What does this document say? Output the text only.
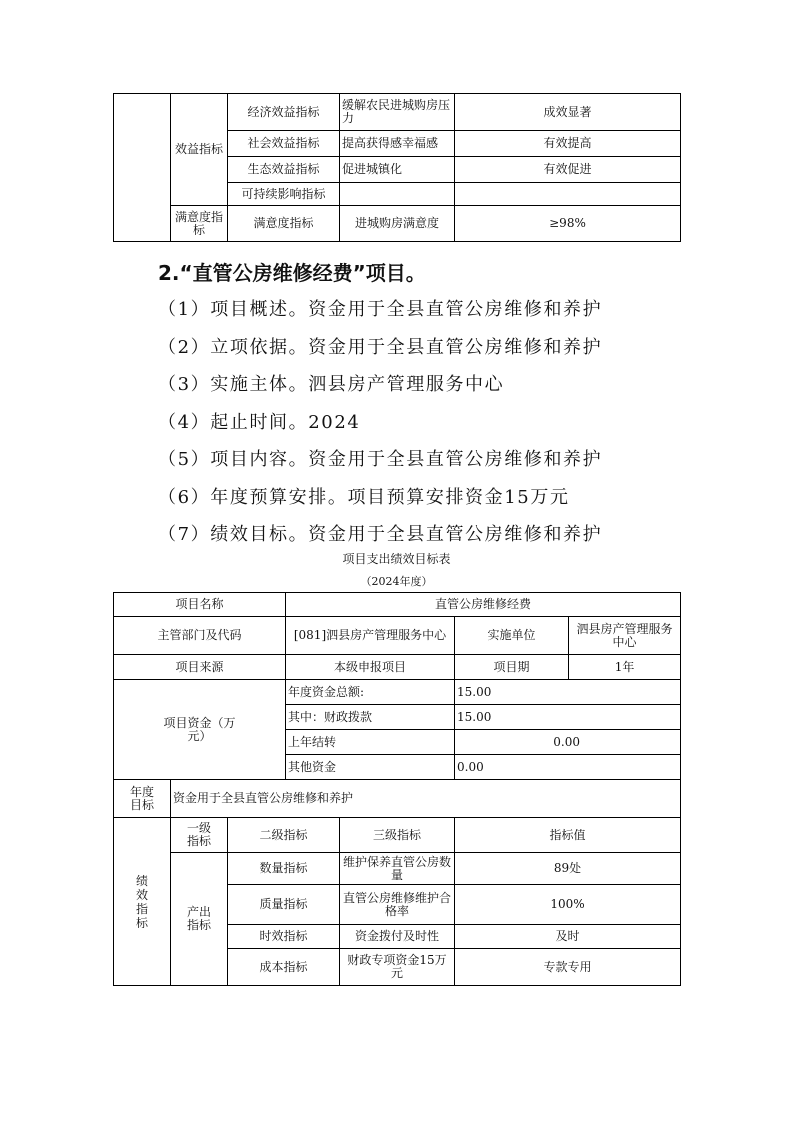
	效益指标	经济效益指标	缓解农民进城购房压力	成效显著
		社会效益指标	提高获得感幸福感	有效提高
		生态效益指标	促进城镇化	有效促进
		可持续影响指标		
	满意度指标	满意度指标	进城购房满意度	≥98%
2.“直管公房维修经费”项目。
（1）项目概述。资金用于全县直管公房维修和养护
（2）立项依据。资金用于全县直管公房维修和养护
（3）实施主体。泗县房产管理服务中心
（4）起止时间。2024
（5）项目内容。资金用于全县直管公房维修和养护
（6）年度预算安排。项目预算安排资金15万元
（7）绩效目标。资金用于全县直管公房维修和养护
项目支出绩效目标表
（2024年度）
项目名称			直管公房维修经费			
主管部门及代码			[081]泗县房产管理服务中心		实施单位	泗县房产管理服务中心
项目来源			本级申报项目		项目期	1年
项目资金（万元）			年度资金总额:		15.00	
			其中：财政拨款		15.00	
			上年结转		0.00	
			其他资金		0.00	
年度目标	资金用于全县直管公房维修和养护					
绩效指标	一级指标	二级指标		三级指标	指标值	
	产出指标	数量指标		维护保养直管公房数量	89处	
		质量指标		直管公房维修维护合格率	100%	
		时效指标		资金拨付及时性	及时	
		成本指标		财政专项资金15万元	专款专用	
